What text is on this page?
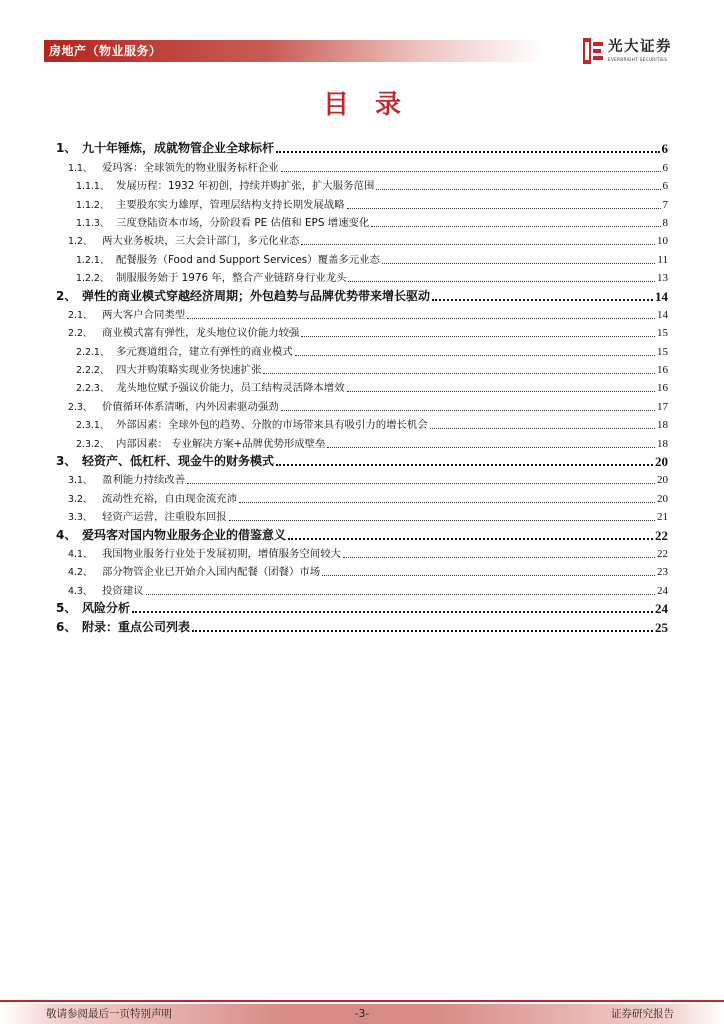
房地产（物业服务）	光大证券
EVERBRIGHT SECURITIES
目录
1、 九十年锤炼，成就物管企业全球标杆	6
1.1、 爱玛客：全球领先的物业服务标杆企业	6
1.1.1、 发展历程：1932 年初创，持续并购扩张，扩大服务范围	6
1.1.2、 主要股东实力雄厚，管理层结构支持长期发展战略	7
1.1.3、 三度登陆资本市场，分阶段看 PE 估值和 EPS 增速变化	8
1.2、 两大业务板块，三大会计部门，多元化业态	10
1.2.1、 配餐服务（Food and Support Services）覆盖多元业态	11
1.2.2、 制服服务始于 1976 年，整合产业链跻身行业龙头	13
2、 弹性的商业模式穿越经济周期；外包趋势与品牌优势带来增长驱动	14
2.1、 两大客户合同类型	14
2.2、 商业模式富有弹性，龙头地位议价能力较强	15
2.2.1、 多元赛道组合，建立有弹性的商业模式	15
2.2.2、 四大并购策略实现业务快速扩张	16
2.2.3、 龙头地位赋予强议价能力，员工结构灵活降本增效	16
2.3、 价值循环体系清晰，内外因素驱动强劲	17
2.3.1、 外部因素：全球外包的趋势、分散的市场带来具有吸引力的增长机会	18
2.3.2、 内部因素： 专业解决方案+品牌优势形成壁垒	18
3、 轻资产、低杠杆、现金牛的财务模式	20
3.1、 盈利能力持续改善	20
3.2、 流动性充裕，自由现金流充沛	20
3.3、 轻资产运营，注重股东回报	21
4、 爱玛客对国内物业服务企业的借鉴意义	22
4.1、 我国物业服务行业处于发展初期，增值服务空间较大	22
4.2、 部分物管企业已开始介入国内配餐（团餐）市场	23
4.3、 投资建议	24
5、 风险分析	24
6、 附录：重点公司列表	25
敬请参阅最后一页特别声明	-3-	证券研究报告
